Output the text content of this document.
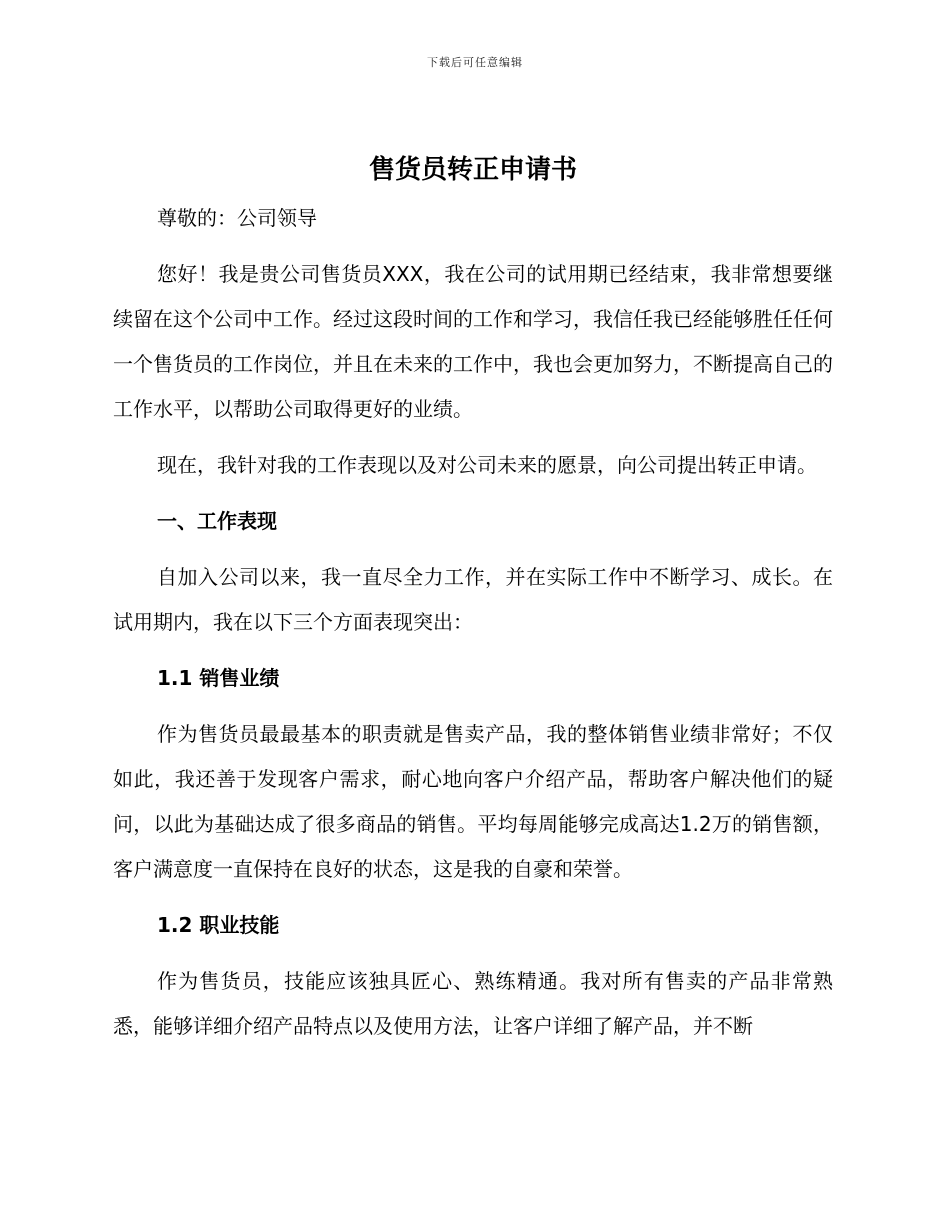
下载后可任意编辑
售货员转正申请书

尊敬的：公司领导

您好！我是贵公司售货员XXX，我在公司的试用期已经结束，我非常想要继续留在这个公司中工作。经过这段时间的工作和学习，我信任我已经能够胜任任何一个售货员的工作岗位，并且在未来的工作中，我也会更加努力，不断提高自己的工作水平，以帮助公司取得更好的业绩。

现在，我针对我的工作表现以及对公司未来的愿景，向公司提出转正申请。

一、工作表现

自加入公司以来，我一直尽全力工作，并在实际工作中不断学习、成长。在试用期内，我在以下三个方面表现突出：

1.1 销售业绩

作为售货员最最基本的职责就是售卖产品，我的整体销售业绩非常好；不仅如此，我还善于发现客户需求，耐心地向客户介绍产品，帮助客户解决他们的疑问，以此为基础达成了很多商品的销售。平均每周能够完成高达1.2万的销售额，客户满意度一直保持在良好的状态，这是我的自豪和荣誉。

1.2 职业技能

作为售货员，技能应该独具匠心、熟练精通。我对所有售卖的产品非常熟悉，能够详细介绍产品特点以及使用方法，让客户详细了解产品，并不断
